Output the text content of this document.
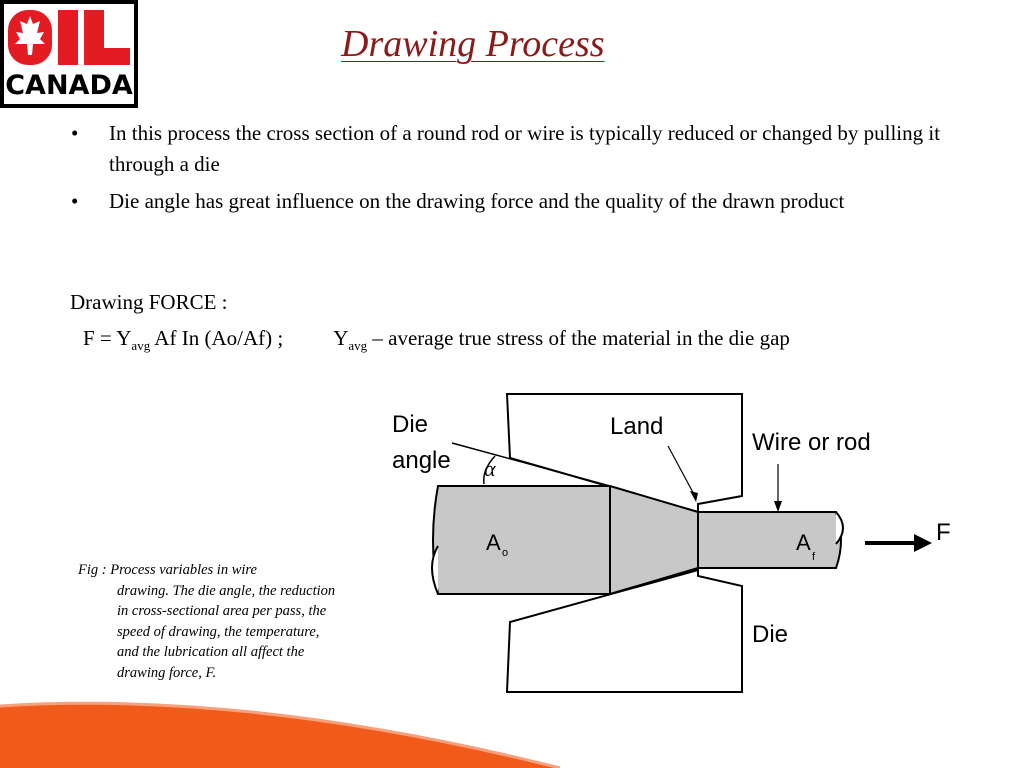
CANADA
Drawing Process
• In this process the cross section of a round rod or wire is typically reduced or changed by pulling it through a die
• Die angle has great influence on the drawing force and the quality of the drawn product
Drawing FORCE :
$F = Y_{avg}$ Af In (Ao/Af) ; $Y_{avg}$ – average true stress of the material in the die gap
Fig : Process variables in wire
drawing. The die angle, the reduction in cross-sectional area per pass, the speed of drawing, the temperature, and the lubrication all affect the drawing force, F.
Die
angle
Land
Wire or rod
F
Die
α
A o	A
f
